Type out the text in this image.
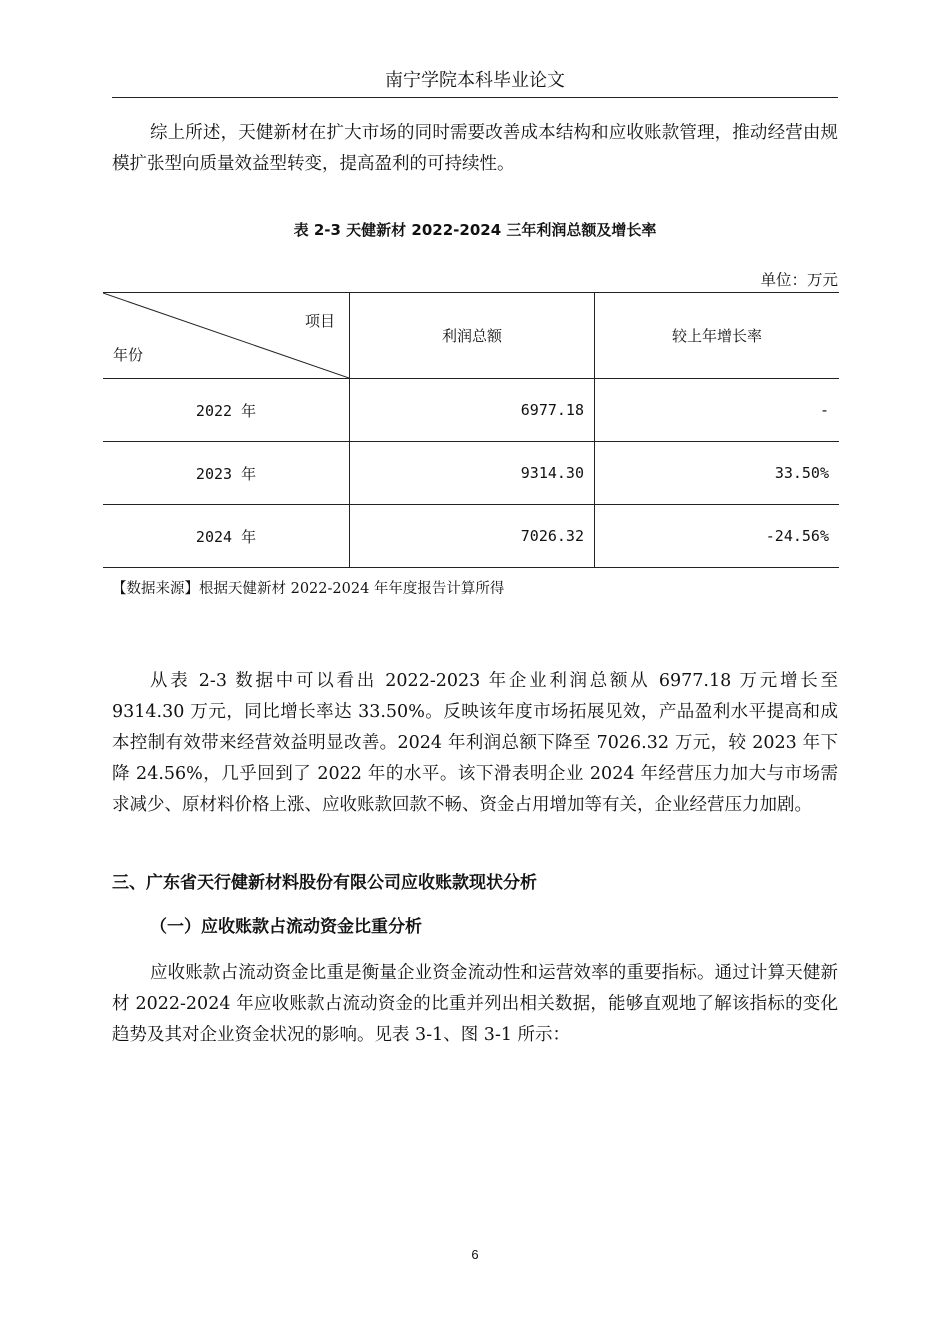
南宁学院本科毕业论文

综上所述，天健新材在扩大市场的同时需要改善成本结构和应收账款管理，推动经营由规模扩张型向质量效益型转变，提高盈利的可持续性。

表 2-3 天健新材 2022-2024 三年利润总额及增长率
单位：万元
项目
年份	利润总额	较上年增长率
2022 年	6977.18	-
2023 年	9314.30	33.50%
2024 年	7026.32	-24.56%
【数据来源】根据天健新材 2022-2024 年年度报告计算所得

从表 2-3 数据中可以看出 2022-2023 年企业利润总额从 6977.18 万元增长至 9314.30 万元，同比增长率达 33.50%。反映该年度市场拓展见效，产品盈利水平提高和成本控制有效带来经营效益明显改善。2024 年利润总额下降至 7026.32 万元，较 2023 年下降 24.56%，几乎回到了 2022 年的水平。该下滑表明企业 2024 年经营压力加大与市场需求减少、原材料价格上涨、应收账款回款不畅、资金占用增加等有关，企业经营压力加剧。

三、广东省天行健新材料股份有限公司应收账款现状分析
（一）应收账款占流动资金比重分析

应收账款占流动资金比重是衡量企业资金流动性和运营效率的重要指标。通过计算天健新材 2022-2024 年应收账款占流动资金的比重并列出相关数据，能够直观地了解该指标的变化趋势及其对企业资金状况的影响。见表 3-1、图 3-1 所示：

6
